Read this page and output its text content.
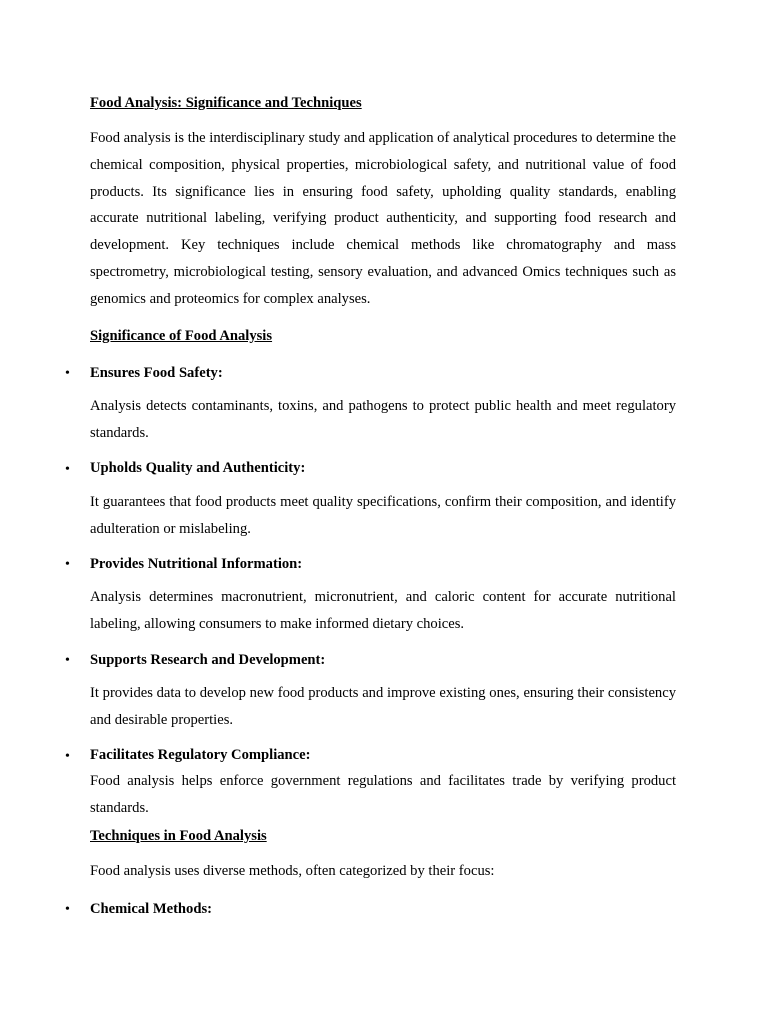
Food Analysis: Significance and Techniques

Food analysis is the interdisciplinary study and application of analytical procedures to determine the chemical composition, physical properties, microbiological safety, and nutritional value of food products. Its significance lies in ensuring food safety, upholding quality standards, enabling accurate nutritional labeling, verifying product authenticity, and supporting food research and development. Key techniques include chemical methods like chromatography and mass spectrometry, microbiological testing, sensory evaluation, and advanced Omics techniques such as genomics and proteomics for complex analyses.

Significance of Food Analysis

• Ensures Food Safety:

Analysis detects contaminants, toxins, and pathogens to protect public health and meet regulatory standards.

• Upholds Quality and Authenticity:

It guarantees that food products meet quality specifications, confirm their composition, and identify adulteration or mislabeling.

• Provides Nutritional Information:

Analysis determines macronutrient, micronutrient, and caloric content for accurate nutritional labeling, allowing consumers to make informed dietary choices.

• Supports Research and Development:

It provides data to develop new food products and improve existing ones, ensuring their consistency and desirable properties.

• Facilitates Regulatory Compliance:

Food analysis helps enforce government regulations and facilitates trade by verifying product standards.

Techniques in Food Analysis

Food analysis uses diverse methods, often categorized by their focus:

• Chemical Methods:
